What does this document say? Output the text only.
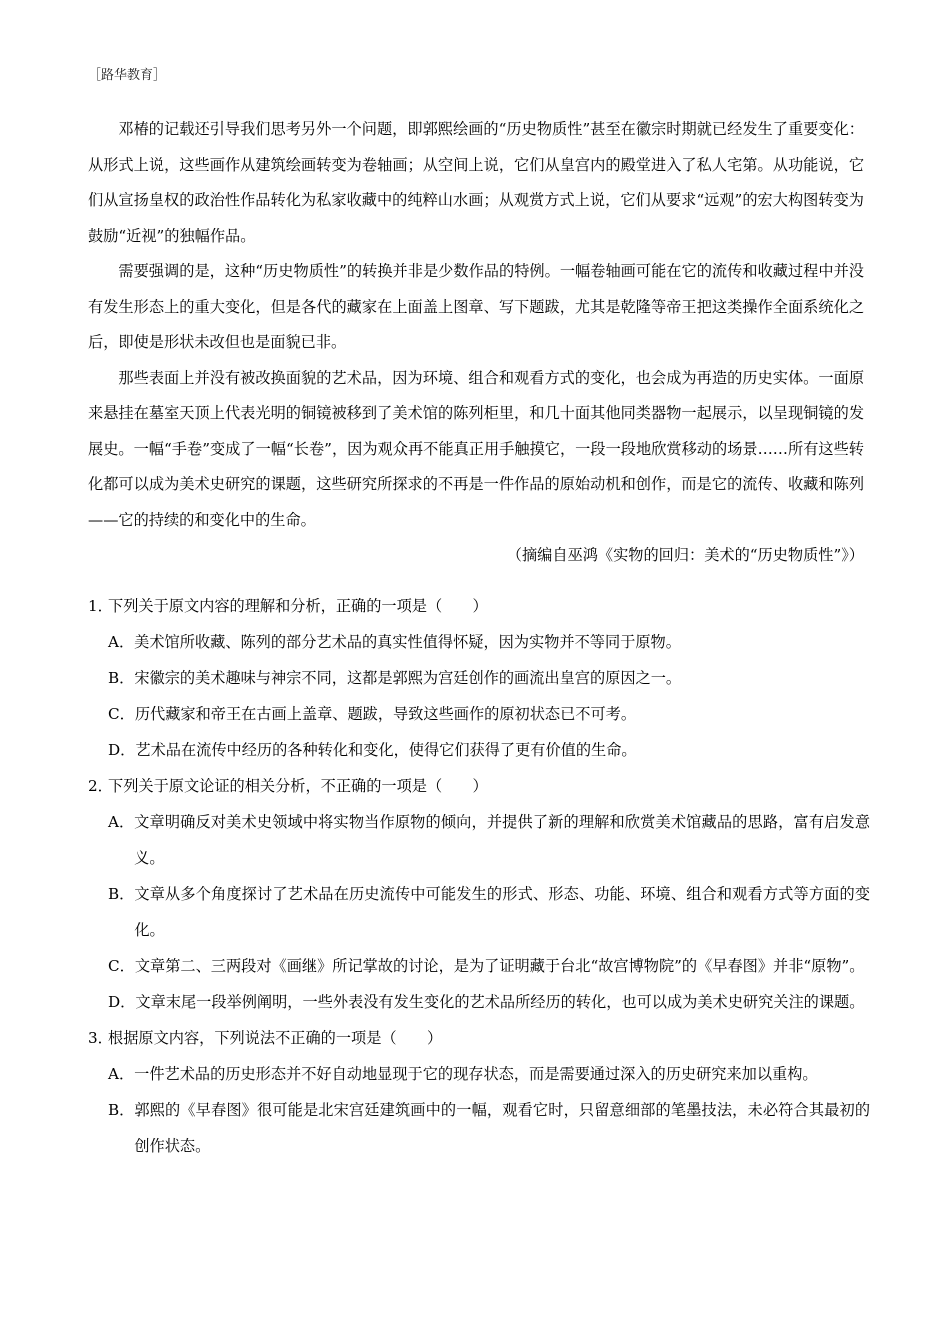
［路华教育］

邓椿的记载还引导我们思考另外一个问题，即郭熙绘画的“历史物质性”甚至在徽宗时期就已经发生了重要变化：从形式上说，这些画作从建筑绘画转变为卷轴画；从空间上说，它们从皇宫内的殿堂进入了私人宅第。从功能说，它们从宣扬皇权的政治性作品转化为私家收藏中的纯粹山水画；从观赏方式上说，它们从要求“远观”的宏大构图转变为鼓励“近视”的独幅作品。

需要强调的是，这种“历史物质性”的转换并非是少数作品的特例。一幅卷轴画可能在它的流传和收藏过程中并没有发生形态上的重大变化，但是各代的藏家在上面盖上图章、写下题跋，尤其是乾隆等帝王把这类操作全面系统化之后，即使是形状未改但也是面貌已非。

那些表面上并没有被改换面貌的艺术品，因为环境、组合和观看方式的变化，也会成为再造的历史实体。一面原来悬挂在墓室天顶上代表光明的铜镜被移到了美术馆的陈列柜里，和几十面其他同类器物一起展示，以呈现铜镜的发展史。一幅“手卷”变成了一幅“长卷”，因为观众再不能真正用手触摸它，一段一段地欣赏移动的场景……所有这些转化都可以成为美术史研究的课题，这些研究所探求的不再是一件作品的原始动机和创作，而是它的流传、收藏和陈列——它的持续的和变化中的生命。

（摘编自巫鸿《实物的回归：美术的“历史物质性”》）
1．下列关于原文内容的理解和分析，正确的一项是（　　）
A． 美术馆所收藏、陈列的部分艺术品的真实性值得怀疑，因为实物并不等同于原物。
B． 宋徽宗的美术趣味与神宗不同，这都是郭熙为宫廷创作的画流出皇宫的原因之一。
C． 历代藏家和帝王在古画上盖章、题跋，导致这些画作的原初状态已不可考。
D． 艺术品在流传中经历的各种转化和变化，使得它们获得了更有价值的生命。
2．下列关于原文论证的相关分析，不正确的一项是（　　）
A． 文章明确反对美术史领域中将实物当作原物的倾向，并提供了新的理解和欣赏美术馆藏品的思路，富有启发意义。
B． 文章从多个角度探讨了艺术品在历史流传中可能发生的形式、形态、功能、环境、组合和观看方式等方面的变化。
C． 文章第二、三两段对《画继》所记掌故的讨论，是为了证明藏于台北“故宫博物院”的《早春图》并非“原物”。
D． 文章末尾一段举例阐明，一些外表没有发生变化的艺术品所经历的转化，也可以成为美术史研究关注的课题。
3．根据原文内容，下列说法不正确的一项是（　　）
A． 一件艺术品的历史形态并不好自动地显现于它的现存状态，而是需要通过深入的历史研究来加以重构。
B． 郭熙的《早春图》很可能是北宋宫廷建筑画中的一幅，观看它时，只留意细部的笔墨技法，未必符合其最初的创作状态。
